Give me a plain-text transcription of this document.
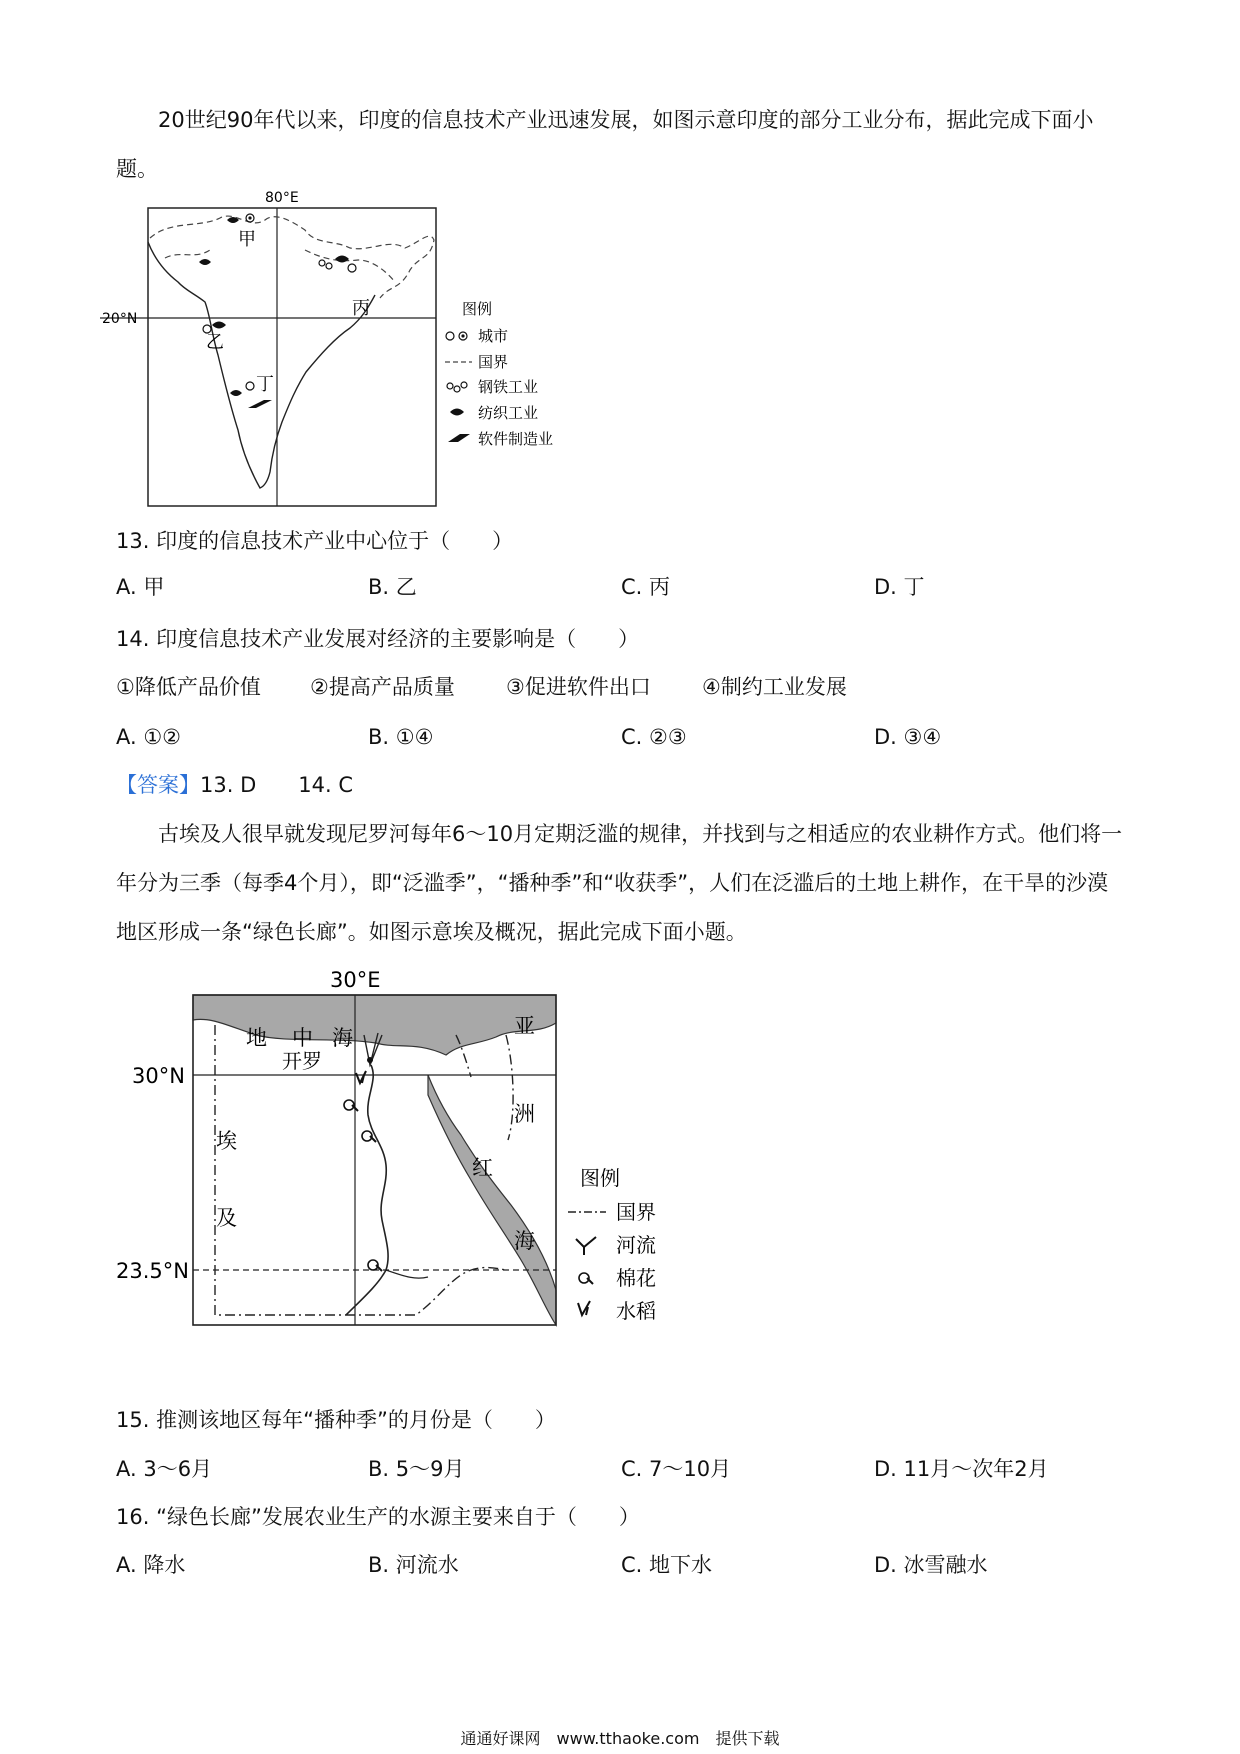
20世纪90年代以来，印度的信息技术产业迅速发展，如图示意印度的部分工业分布，据此完成下面小题。
80°E
20°N
甲
乙
丙
丁
图例
城市
国界
钢铁工业
纺织工业
软件制造业
13. 印度的信息技术产业中心位于（　　）
A. 甲	B. 乙	C. 丙	D. 丁
14. 印度信息技术产业发展对经济的主要影响是（　　）
①降低产品价值 ②提高产品质量 ③促进软件出口 ④制约工业发展
A. ①②	B. ①④	C. ②③	D. ③④
【答案】13. D　　14. C
古埃及人很早就发现尼罗河每年6～10月定期泛滥的规律，并找到与之相适应的农业耕作方式。他们将一年分为三季（每季4个月），即“泛滥季”，“播种季”和“收获季”，人们在泛滥后的土地上耕作，在干旱的沙漠地区形成一条“绿色长廊”。如图示意埃及概况，据此完成下面小题。
30°E
30°N
23.5°N
地 中 海
开罗
埃
及
亚
洲
红
海
图例
国界
河流
棉花
水稻
15. 推测该地区每年“播种季”的月份是（　　）
A. 3～6月	B. 5～9月	C. 7～10月	D. 11月～次年2月
16. “绿色长廊”发展农业生产的水源主要来自于（　　）
A. 降水	B. 河流水	C. 地下水	D. 冰雪融水
通通好课网　www.tthaoke.com　提供下载
